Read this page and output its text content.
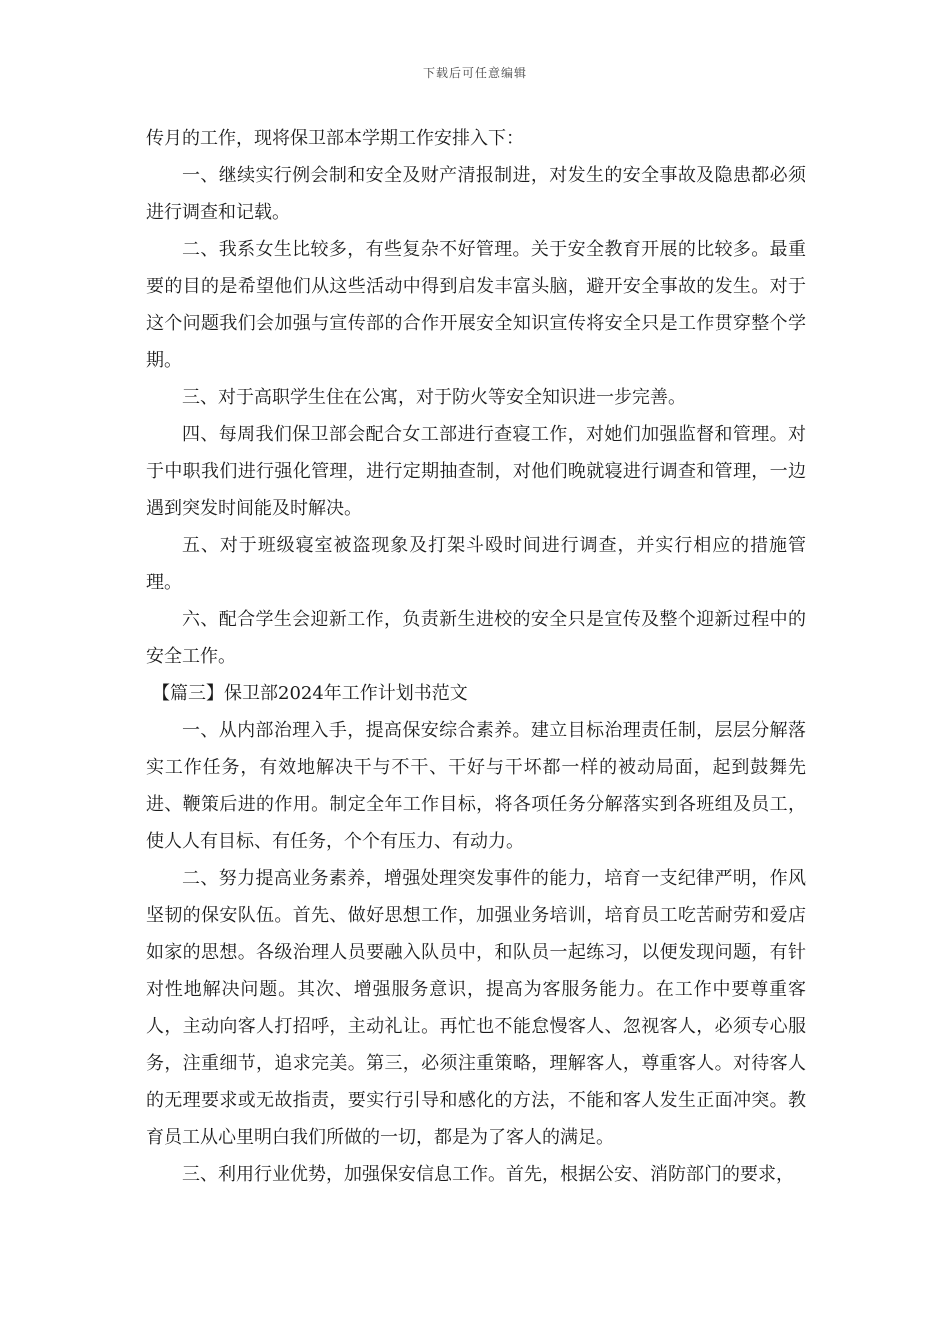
下载后可任意编辑

传月的工作，现将保卫部本学期工作安排入下：

一、继续实行例会制和安全及财产清报制进，对发生的安全事故及隐患都必须进行调查和记载。

二、我系女生比较多，有些复杂不好管理。关于安全教育开展的比较多。最重要的目的是希望他们从这些活动中得到启发丰富头脑，避开安全事故的发生。对于这个问题我们会加强与宣传部的合作开展安全知识宣传将安全只是工作贯穿整个学期。

三、对于高职学生住在公寓，对于防火等安全知识进一步完善。

四、每周我们保卫部会配合女工部进行查寝工作，对她们加强监督和管理。对于中职我们进行强化管理，进行定期抽查制，对他们晚就寝进行调查和管理，一边遇到突发时间能及时解决。

五、对于班级寝室被盗现象及打架斗殴时间进行调查，并实行相应的措施管理。

六、配合学生会迎新工作，负责新生进校的安全只是宣传及整个迎新过程中的安全工作。

【篇三】保卫部2024年工作计划书范文

一、从内部治理入手，提高保安综合素养。建立目标治理责任制，层层分解落实工作任务，有效地解决干与不干、干好与干坏都一样的被动局面，起到鼓舞先进、鞭策后进的作用。制定全年工作目标，将各项任务分解落实到各班组及员工，使人人有目标、有任务，个个有压力、有动力。

二、努力提高业务素养，增强处理突发事件的能力，培育一支纪律严明，作风坚韧的保安队伍。首先、做好思想工作，加强业务培训，培育员工吃苦耐劳和爱店如家的思想。各级治理人员要融入队员中，和队员一起练习，以便发现问题，有针对性地解决问题。其次、增强服务意识，提高为客服务能力。在工作中要尊重客人，主动向客人打招呼，主动礼让。再忙也不能怠慢客人、忽视客人，必须专心服务，注重细节，追求完美。第三，必须注重策略，理解客人，尊重客人。对待客人的无理要求或无故指责，要实行引导和感化的方法，不能和客人发生正面冲突。教育员工从心里明白我们所做的一切，都是为了客人的满足。

三、利用行业优势，加强保安信息工作。首先，根据公安、消防部门的要求，
